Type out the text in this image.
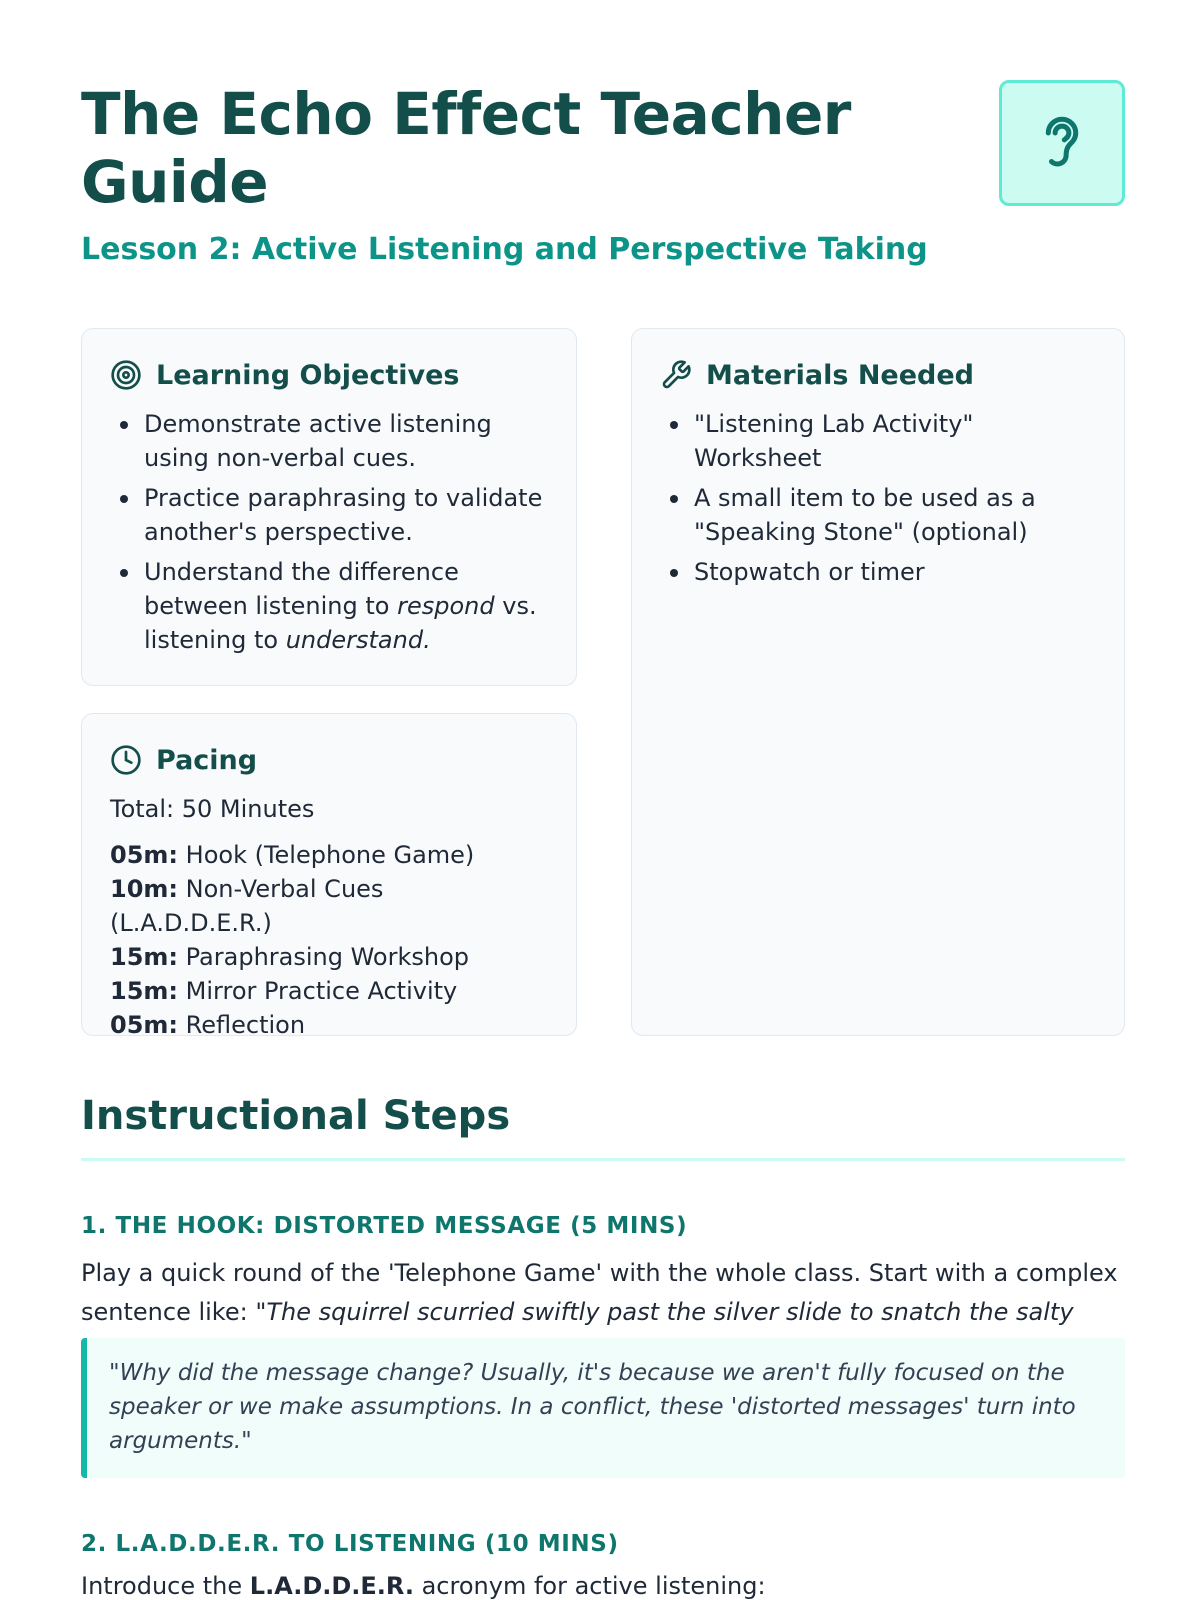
The Echo Effect Teacher Guide
Lesson 2: Active Listening and Perspective Taking
Learning Objectives
Demonstrate active listening using non-verbal cues.
Practice paraphrasing to validate another's perspective.
Understand the difference between listening to respond vs. listening to understand.
Materials Needed
"Listening Lab Activity" Worksheet
A small item to be used as a "Speaking Stone" (optional)
Stopwatch or timer
Pacing
Total: 50 Minutes
05m: Hook (Telephone Game)
10m: Non-Verbal Cues (L.A.D.D.E.R.)
15m: Paraphrasing Workshop
15m: Mirror Practice Activity
05m: Reflection
Instructional Steps
1. THE HOOK: DISTORTED MESSAGE (5 MINS)

Play a quick round of the 'Telephone Game' with the whole class. Start with a complex sentence like: "The squirrel scurried swiftly past the silver slide to snatch the salty

"Why did the message change? Usually, it's because we aren't fully focused on the speaker or we make assumptions. In a conflict, these 'distorted messages' turn into arguments."
2. L.A.D.D.E.R. TO LISTENING (10 MINS)

Introduce the L.A.D.D.E.R. acronym for active listening:
